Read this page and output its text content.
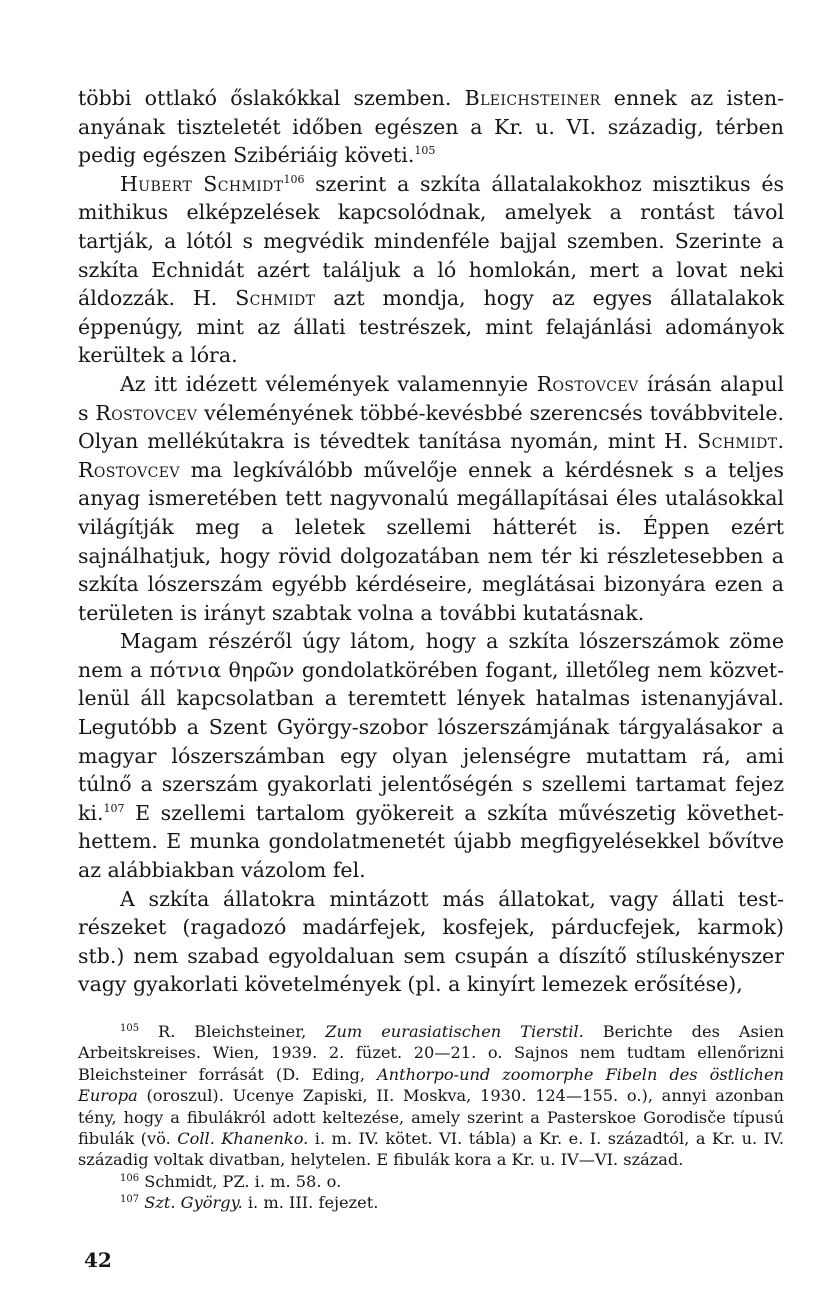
többi ottlakó őslakókkal szemben. Bleichsteiner ennek az istenanyának tiszteletét időben egészen a Kr. u. VI. századig, térben pedig egészen Szibériáig követi.$^{105}$

Hubert Schmidt$^{106}$ szerint a szkíta állatalakokhoz misztikus és mithikus elképzelések kapcsolódnak, amelyek a rontást távol tartják, a lótól s megvédik mindenféle bajjal szemben. Szerinte a szkíta Echnidát azért találjuk a ló homlokán, mert a lovat neki áldozzák. H. Schmidt azt mondja, hogy az egyes állatalakok éppenúgy, mint az állati testrészek, mint felajánlási adományok kerültek a lóra.

Az itt idézett vélemények valamennyie Rostovcev írásán alapul s Rostovcev véleményének többé-kevésbbé szerencsés továbbvitele. Olyan mellékútakra is tévedtek tanítása nyomán, mint H. Schmidt. Rostovcev ma legkíválóbb művelője ennek a kérdésnek s a teljes anyag ismeretében tett nagyvonalú megállapításai éles utalásokkal világítják meg a leletek szellemi hátterét is. Éppen ezért sajnálhatjuk, hogy rövid dolgozatában nem tér ki részletesebben a szkíta lószerszám egyébb kérdéseire, meglátásai bizonyára ezen a területen is irányt szabtak volna a további kutatásnak.

Magam részéről úgy látom, hogy a szkíta lószerszámok zöme nem a πότνια θηρῶν gondolatkörében fogant, illetőleg nem közvetlenül áll kapcsolatban a teremtett lények hatalmas istenanyjával. Legutóbb a Szent György-szobor lószerszámjának tárgyalásakor a magyar lószerszámban egy olyan jelenségre mutattam rá, ami túlnő a szerszám gyakorlati jelentőségén s szellemi tartamat fejez ki.$^{107}$ E szellemi tartalom gyökereit a szkíta művészetig követhethettem. E munka gondolatmenetét újabb megfigyelésekkel bővítve az alábbiakban vázolom fel.

A szkíta állatokra mintázott más állatokat, vagy állati testrészeket (ragadozó madárfejek, kosfejek, párducfejek, karmok) stb.) nem szabad egyoldaluan sem csupán a díszítő stíluskényszer vagy gyakorlati követelmények (pl. a kinyírt lemezek erősítése),

$^{105}$ R. Bleichsteiner, Zum eurasiatischen Tierstil. Berichte des Asien Arbeitskreises. Wien, 1939. 2. füzet. 20—21. o. Sajnos nem tudtam ellenőrizni Bleichsteiner forrását (D. Eding, Anthorpo-und zoomorphe Fibeln des östlichen Europa (oroszul). Ucenye Zapiski, II. Moskva, 1930. 124—155. o.), annyi azonban tény, hogy a fibulákról adott keltezése, amely szerint a Pasterskoe Gorodisče típusú fibulák (vö. Coll. Khanenko. i. m. IV. kötet. VI. tábla) a Kr. e. I. századtól, a Kr. u. IV. századig voltak divatban, helytelen. E fibulák kora a Kr. u. IV—VI. század.

$^{106}$ Schmidt, PZ. i. m. 58. o.

$^{107}$ Szt. György. i. m. III. fejezet.

42
